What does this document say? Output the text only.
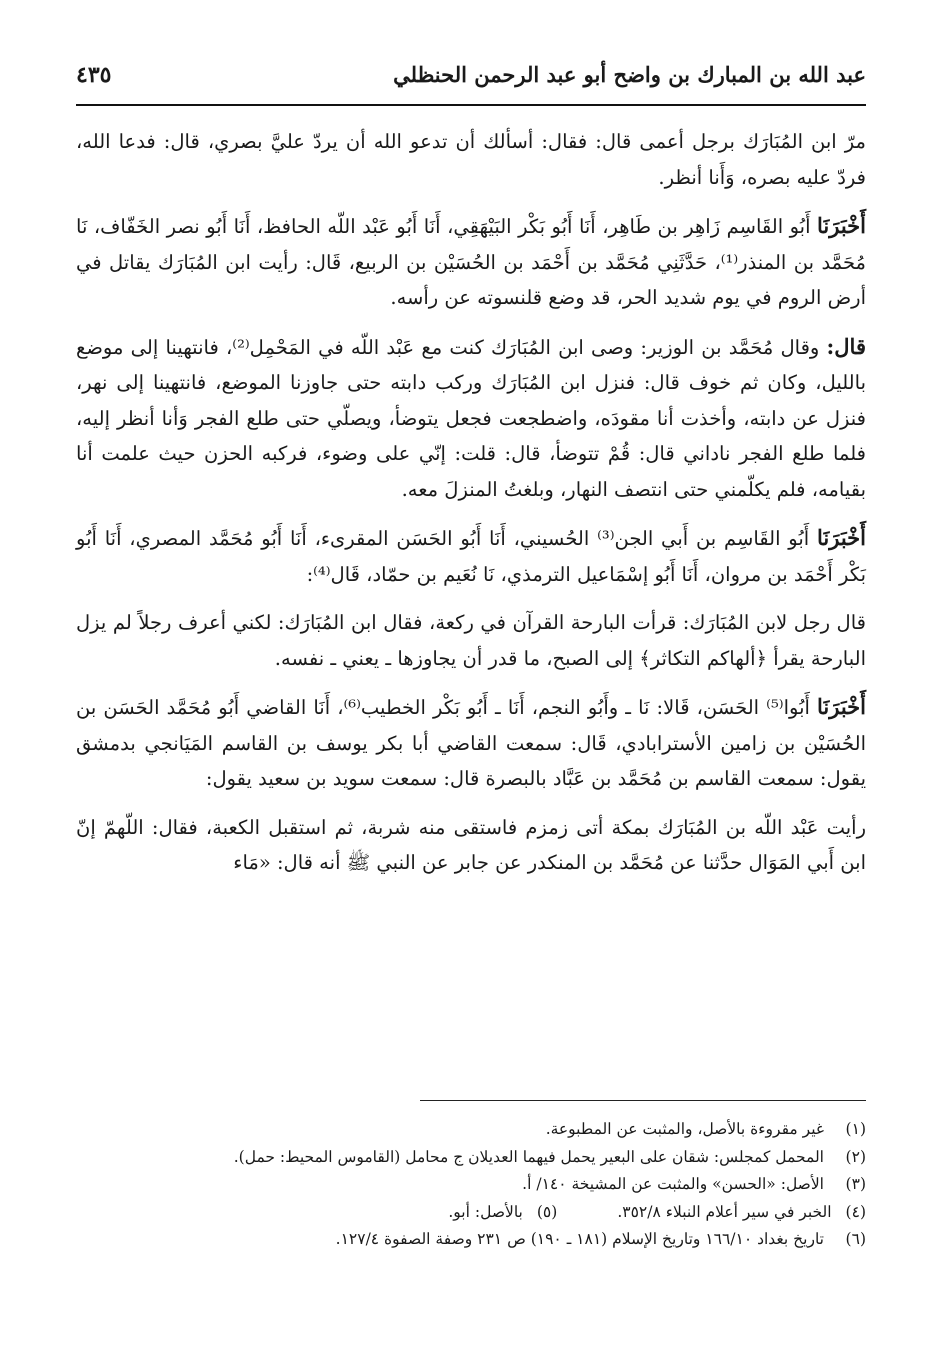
عبد الله بن المبارك بن واضح أبو عبد الرحمن الحنظلي
٤٣٥

مرّ ابن المُبَارَك برجل أعمى قال: فقال: أسألك أن تدعو الله أن يردّ عليَّ بصري، قال: فدعا الله، فردّ عليه بصره، وَأَنا أنظر.

أَخْبَرَنَا أَبُو القَاسِم زَاهِر بن طَاهِر، أَنَا أَبُو بَكْر البَيْهَقِي، أَنَا أَبُو عَبْد اللّه الحافظ، أَنَا أَبُو نصر الخَفّاف، نَا مُحَمَّد بن المنذر⁽¹⁾، حَدَّثَنِي مُحَمَّد بن أَحْمَد بن الحُسَيْن بن الربيع، قَال: رأيت ابن المُبَارَك يقاتل في أرض الروم في يوم شديد الحر، قد وضع قلنسوته عن رأسه.

قال: وقال مُحَمَّد بن الوزير: وصى ابن المُبَارَك كنت مع عَبْد اللّه في المَحْمِل⁽²⁾، فانتهينا إلى موضع بالليل، وكان ثم خوف قال: فنزل ابن المُبَارَك وركب دابته حتى جاوزنا الموضع، فانتهينا إلى نهر، فنزل عن دابته، وأخذت أنا مقودَه، واضطجعت فجعل يتوضأ، ويصلّي حتى طلع الفجر وَأنا أنظر إليه، فلما طلع الفجر ناداني قال: قُمْ تتوضأ، قال: قلت: إنّي على وضوء، فركبه الحزن حيث علمت أنا بقيامه، فلم يكلّمني حتى انتصف النهار، وبلغتُ المنزلَ معه.

أَخْبَرَنَا أَبُو القَاسِم بن أَبي الجن⁽³⁾ الحُسيني، أَنَا أَبُو الحَسَن المقرىء، أَنَا أَبُو مُحَمَّد المصري، أَنَا أَبُو بَكْر أَحْمَد بن مروان، أَنَا أَبُو إسْمَاعيل الترمذي، نَا نُعَيم بن حمّاد، قَال⁽⁴⁾:

قال رجل لابن المُبَارَك: قرأت البارحة القرآن في ركعة، فقال ابن المُبَارَك: لكني أعرف رجلاً لم يزل البارحة يقرأ ﴿ألهاكم التكاثر﴾ إلى الصبح، ما قدر أن يجاوزها ـ يعني ـ نفسه.

أَخْبَرَنَا أَبُوا⁽⁵⁾ الحَسَن، قَالا: نَا ـ وأَبُو النجم، أَنَا ـ أَبُو بَكْر الخطيب⁽⁶⁾، أَنَا القاضي أَبُو مُحَمَّد الحَسَن بن الحُسَيْن بن زامين الأسترابادي، قَال: سمعت القاضي أبا بكر يوسف بن القاسم المَيَانجي بدمشق يقول: سمعت القاسم بن مُحَمَّد بن عَبَّاد بالبصرة قال: سمعت سويد بن سعيد يقول:

رأيت عَبْد اللّه بن المُبَارَك بمكة أتى زمزم فاستقى منه شربة، ثم استقبل الكعبة، فقال: اللّهمّ إنّ ابن أَبي المَوَال حدَّثنا عن مُحَمَّد بن المنكدر عن جابر عن النبي ﷺ أنه قال: «مَاء

(١)
غير مقروءة بالأصل، والمثبت عن المطبوعة.
(٢)
المحمل كمجلس: شقان على البعير يحمل فيهما العديلان ج محامل (القاموس المحيط: حمل).
(٣)
الأصل: «الحسن» والمثبت عن المشيخة ١٤٠/ أ.
(٤)
الخبر في سير أعلام النبلاء ٣٥٢/٨.
(٥)
بالأصل: أبو.
(٦)
تاريخ بغداد ١٦٦/١٠ وتاريخ الإسلام (١٨١ ـ ١٩٠) ص ٢٣١ وصفة الصفوة ١٢٧/٤.
